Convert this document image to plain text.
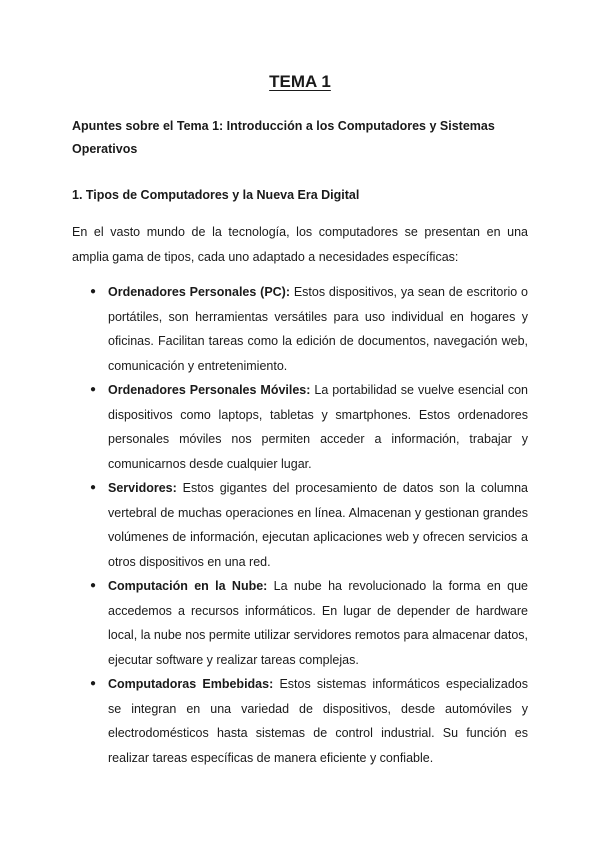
TEMA 1
Apuntes sobre el Tema 1: Introducción a los Computadores y Sistemas Operativos
1. Tipos de Computadores y la Nueva Era Digital
En el vasto mundo de la tecnología, los computadores se presentan en una amplia gama de tipos, cada uno adaptado a necesidades específicas:
● Ordenadores Personales (PC): Estos dispositivos, ya sean de escritorio o portátiles, son herramientas versátiles para uso individual en hogares y oficinas. Facilitan tareas como la edición de documentos, navegación web, comunicación y entretenimiento.
● Ordenadores Personales Móviles: La portabilidad se vuelve esencial con dispositivos como laptops, tabletas y smartphones. Estos ordenadores personales móviles nos permiten acceder a información, trabajar y comunicarnos desde cualquier lugar.
● Servidores: Estos gigantes del procesamiento de datos son la columna vertebral de muchas operaciones en línea. Almacenan y gestionan grandes volúmenes de información, ejecutan aplicaciones web y ofrecen servicios a otros dispositivos en una red.
● Computación en la Nube: La nube ha revolucionado la forma en que accedemos a recursos informáticos. En lugar de depender de hardware local, la nube nos permite utilizar servidores remotos para almacenar datos, ejecutar software y realizar tareas complejas.
● Computadoras Embebidas: Estos sistemas informáticos especializados se integran en una variedad de dispositivos, desde automóviles y electrodomésticos hasta sistemas de control industrial. Su función es realizar tareas específicas de manera eficiente y confiable.
